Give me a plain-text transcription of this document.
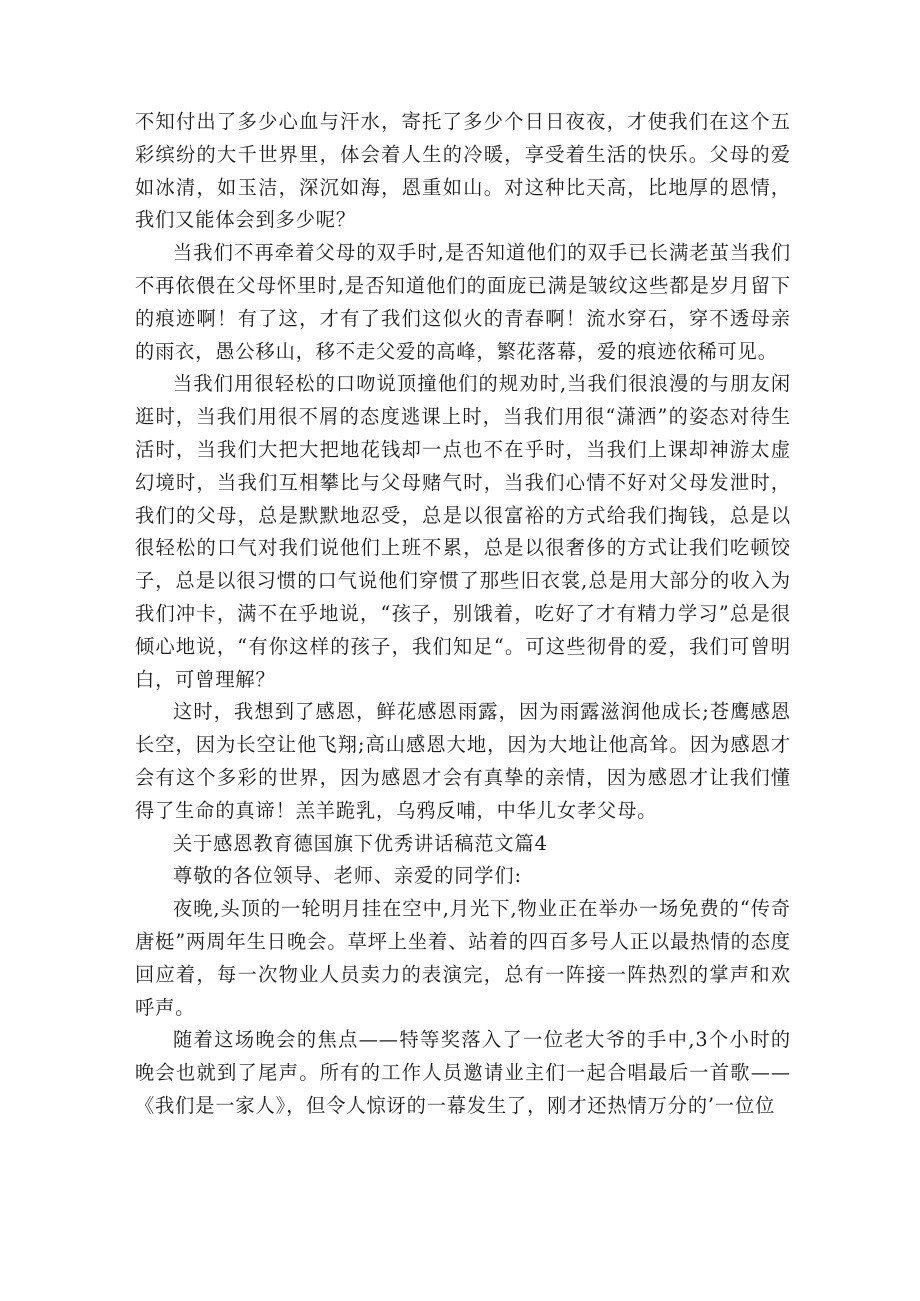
不知付出了多少心血与汗水，寄托了多少个日日夜夜，才使我们在这个五彩缤纷的大千世界里，体会着人生的冷暖，享受着生活的快乐。父母的爱如冰清，如玉洁，深沉如海，恩重如山。对这种比天高，比地厚的恩情，我们又能体会到多少呢？

当我们不再牵着父母的双手时,是否知道他们的双手已长满老茧当我们不再依偎在父母怀里时,是否知道他们的面庞已满是皱纹这些都是岁月留下的痕迹啊！有了这，才有了我们这似火的青春啊！流水穿石，穿不透母亲的雨衣，愚公移山，移不走父爱的高峰，繁花落幕，爱的痕迹依稀可见。

当我们用很轻松的口吻说顶撞他们的规劝时,当我们很浪漫的与朋友闲逛时，当我们用很不屑的态度逃课上时，当我们用很“潇洒”的姿态对待生活时，当我们大把大把地花钱却一点也不在乎时，当我们上课却神游太虚幻境时，当我们互相攀比与父母赌气时，当我们心情不好对父母发泄时，我们的父母，总是默默地忍受，总是以很富裕的方式给我们掏钱，总是以很轻松的口气对我们说他们上班不累，总是以很奢侈的方式让我们吃顿饺子，总是以很习惯的口气说他们穿惯了那些旧衣裳,总是用大部分的收入为我们冲卡，满不在乎地说，“孩子，别饿着，吃好了才有精力学习”总是很倾心地说，“有你这样的孩子，我们知足“。可这些彻骨的爱，我们可曾明白，可曾理解？

这时，我想到了感恩，鲜花感恩雨露，因为雨露滋润他成长;苍鹰感恩长空，因为长空让他飞翔;高山感恩大地，因为大地让他高耸。因为感恩才会有这个多彩的世界，因为感恩才会有真挚的亲情，因为感恩才让我们懂得了生命的真谛！羔羊跪乳，乌鸦反哺，中华儿女孝父母。

关于感恩教育德国旗下优秀讲话稿范文篇4

尊敬的各位领导、老师、亲爱的同学们:

夜晚,头顶的一轮明月挂在空中,月光下,物业正在举办一场免费的“传奇唐梃”两周年生日晚会。草坪上坐着、站着的四百多号人正以最热情的态度回应着，每一次物业人员卖力的表演完，总有一阵接一阵热烈的掌声和欢呼声。

随着这场晚会的焦点——特等奖落入了一位老大爷的手中,3个小时的晚会也就到了尾声。所有的工作人员邀请业主们一起合唱最后一首歌——《我们是一家人》，但令人惊讶的一幕发生了，刚才还热情万分的’一位位
